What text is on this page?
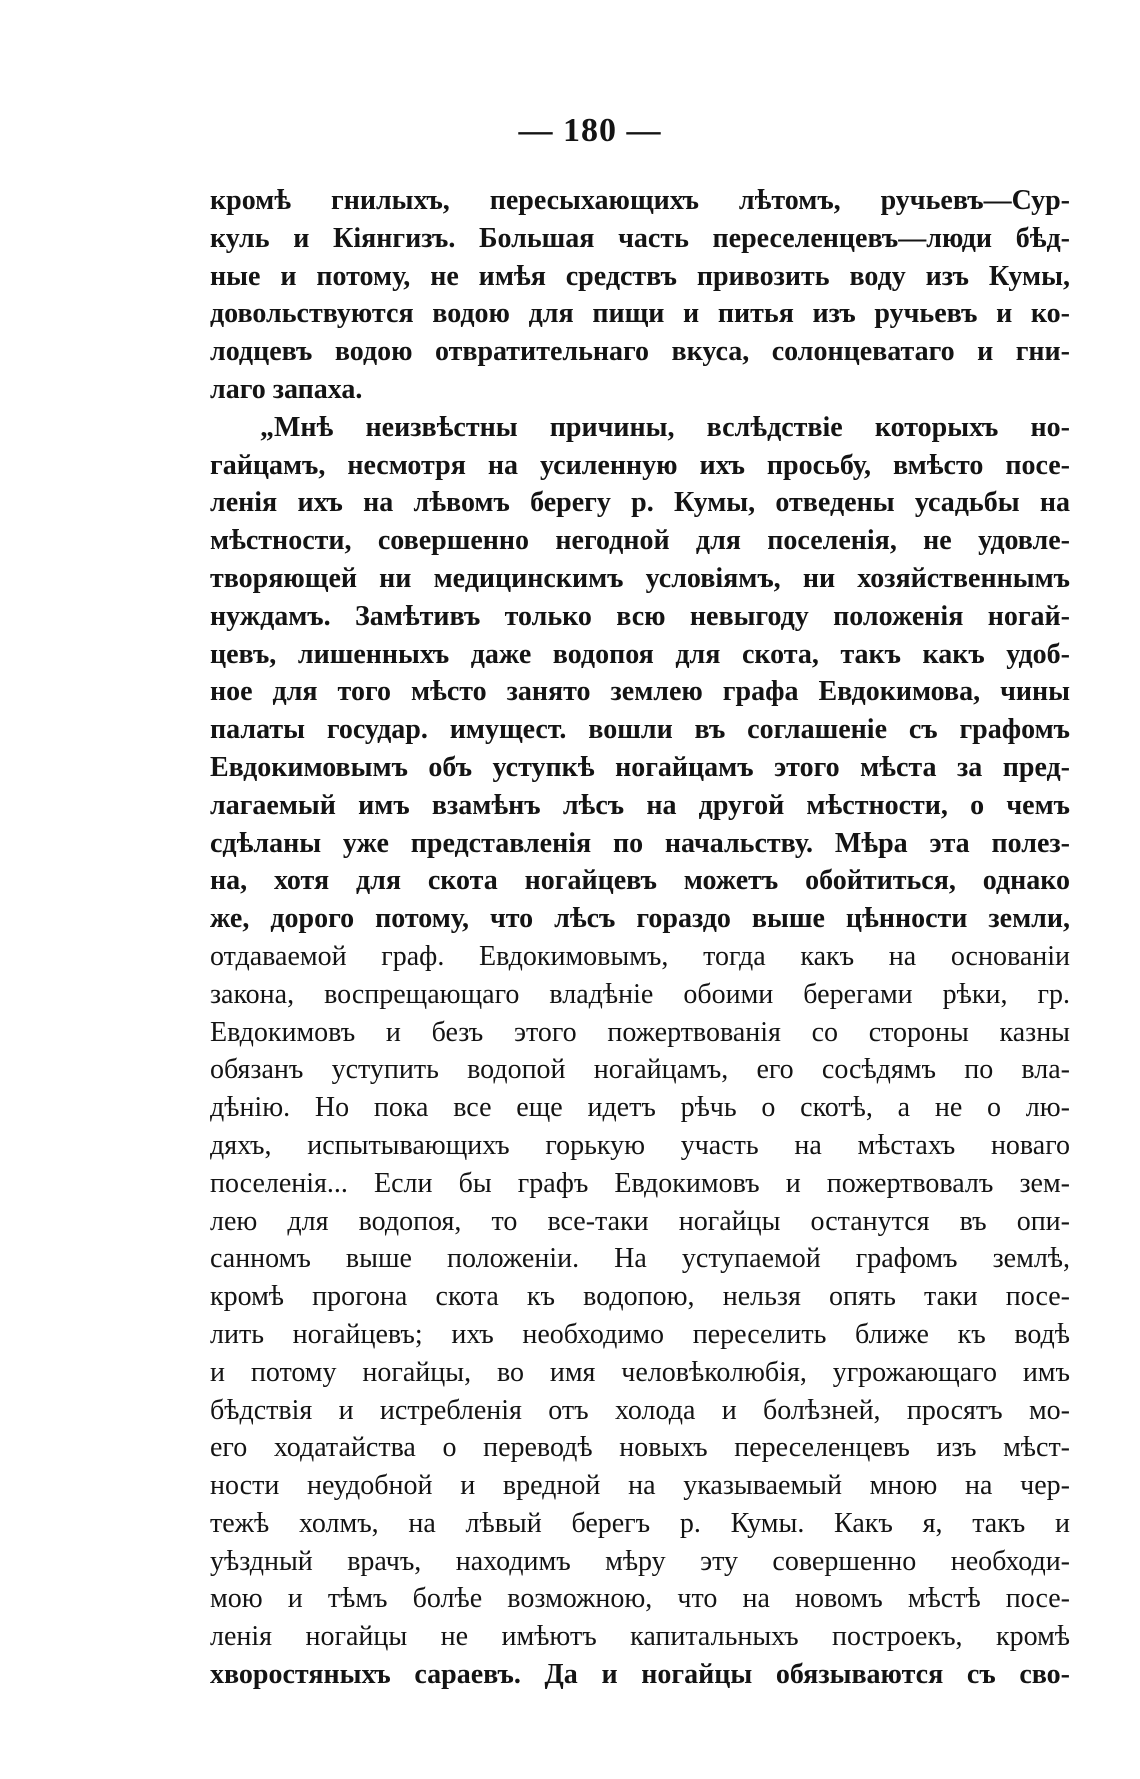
— 180 —
кромѣ гнилыхъ, пересыхающихъ лѣтомъ, ручьевъ—Сур-
куль и Кіянгизъ. Большая часть переселенцевъ—люди бѣд-
ные и потому, не имѣя средствъ привозить воду изъ Кумы,
довольствуются водою для пищи и питья изъ ручьевъ и ко-
лодцевъ водою отвратительнаго вкуса, солонцеватаго и гни-
лаго запаха.
„Мнѣ неизвѣстны причины, вслѣдствіе которыхъ но-
гайцамъ, несмотря на усиленную ихъ просьбу, вмѣсто посе-
ленія ихъ на лѣвомъ берегу р. Кумы, отведены усадьбы на
мѣстности, совершенно негодной для поселенія, не удовле-
творяющей ни медицинскимъ условіямъ, ни хозяйственнымъ
нуждамъ. Замѣтивъ только всю невыгоду положенія ногай-
цевъ, лишенныхъ даже водопоя для скота, такъ какъ удоб-
ное для того мѣсто занято землею графа Евдокимова, чины
палаты государ. имущест. вошли въ соглашеніе съ графомъ
Евдокимовымъ объ уступкѣ ногайцамъ этого мѣста за пред-
лагаемый имъ взамѣнъ лѣсъ на другой мѣстности, о чемъ
сдѣланы уже представленія по начальству. Мѣра эта полез-
на, хотя для скота ногайцевъ можетъ обойтиться, однако
же, дорого потому, что лѣсъ гораздо выше цѣнности земли,
отдаваемой граф. Евдокимовымъ, тогда какъ на основаніи
закона, воспрещающаго владѣніе обоими берегами рѣки, гр.
Евдокимовъ и безъ этого пожертвованія со стороны казны
обязанъ уступить водопой ногайцамъ, его сосѣдямъ по вла-
дѣнію. Но пока все еще идетъ рѣчь о скотѣ, а не о лю-
дяхъ, испытывающихъ горькую участь на мѣстахъ новаго
поселенія... Если бы графъ Евдокимовъ и пожертвовалъ зем-
лею для водопоя, то все-таки ногайцы останутся въ опи-
санномъ выше положеніи. На уступаемой графомъ землѣ,
кромѣ прогона скота къ водопою, нельзя опять таки посе-
лить ногайцевъ; ихъ необходимо переселить ближе къ водѣ
и потому ногайцы, во имя человѣколюбія, угрожающаго имъ
бѣдствія и истребленія отъ холода и болѣзней, просятъ мо-
его ходатайства о переводѣ новыхъ переселенцевъ изъ мѣст-
ности неудобной и вредной на указываемый мною на чер-
тежѣ холмъ, на лѣвый берегъ р. Кумы. Какъ я, такъ и
уѣздный врачъ, находимъ мѣру эту совершенно необходи-
мою и тѣмъ болѣе возможною, что на новомъ мѣстѣ посе-
ленія ногайцы не имѣютъ капитальныхъ построекъ, кромѣ
хворостяныхъ сараевъ. Да и ногайцы обязываются съ сво-
